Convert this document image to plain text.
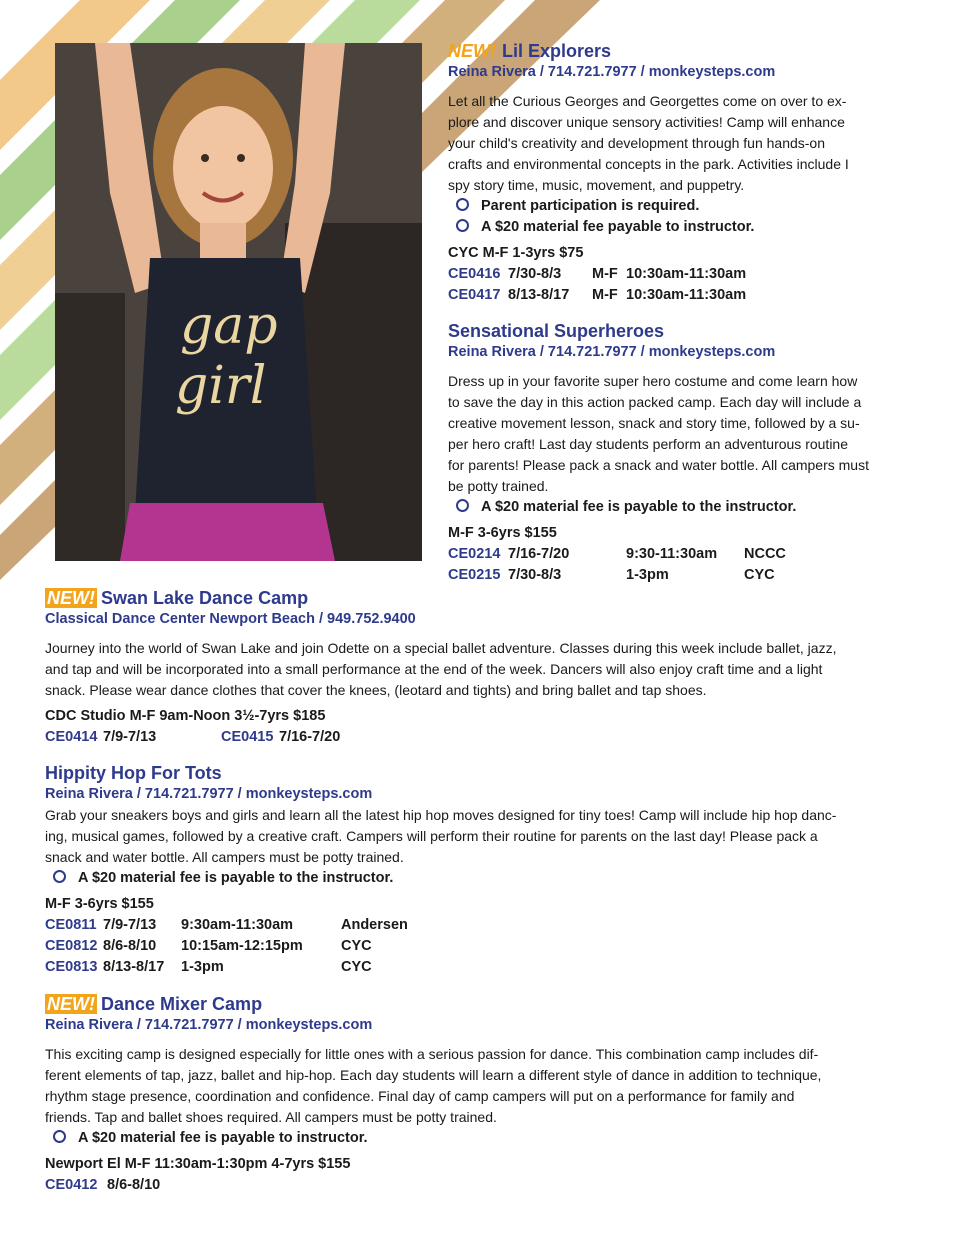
gap
girl
NEW! Lil Explorers
Reina Rivera / 714.721.7977 / monkeysteps.com
Let all the Curious Georges and Georgettes come on over to ex-
plore and discover unique sensory activities! Camp will enhance
your child's creativity and development through fun hands-on
crafts and environmental concepts in the park. Activities include I
spy story time, music, movement, and puppetry.
Parent participation is required.
A $20 material fee payable to instructor.
CYC M-F 1-3yrs $75
CE0416 7/30-8/3 M-F 10:30am-11:30am
CE0417 8/13-8/17 M-F 10:30am-11:30am
Sensational Superheroes
Reina Rivera / 714.721.7977 / monkeysteps.com
Dress up in your favorite super hero costume and come learn how
to save the day in this action packed camp. Each day will include a
creative movement lesson, snack and story time, followed by a su-
per hero craft! Last day students perform an adventurous routine
for parents! Please pack a snack and water bottle. All campers must
be potty trained.
A $20 material fee is payable to the instructor.
M-F 3-6yrs $155
CE0214 7/16-7/20	9:30-11:30am NCCC
CE0215 7/30-8/3	1-3pm	CYC
NEW! Swan Lake Dance Camp
Classical Dance Center Newport Beach / 949.752.9400
Journey into the world of Swan Lake and join Odette on a special ballet adventure. Classes during this week include ballet, jazz,
and tap and will be incorporated into a small performance at the end of the week. Dancers will also enjoy craft time and a light
snack. Please wear dance clothes that cover the knees, (leotard and tights) and bring ballet and tap shoes.
CDC Studio M-F 9am-Noon 3½-7yrs $185
CE0414 7/9-7/13	CE0415 7/16-7/20
Hippity Hop For Tots
Reina Rivera / 714.721.7977 / monkeysteps.com
Grab your sneakers boys and girls and learn all the latest hip hop moves designed for tiny toes! Camp will include hip hop danc-
ing, musical games, followed by a creative craft. Campers will perform their routine for parents on the last day! Please pack a
snack and water bottle. All campers must be potty trained.
A $20 material fee is payable to the instructor.
M-F 3-6yrs $155
CE0811 7/9-7/13 9:30am-11:30am	Andersen
CE0812 8/6-8/10 10:15am-12:15pm	CYC
CE0813 8/13-8/17 1-3pm	CYC
NEW! Dance Mixer Camp
Reina Rivera / 714.721.7977 / monkeysteps.com
This exciting camp is designed especially for little ones with a serious passion for dance. This combination camp includes dif-
ferent elements of tap, jazz, ballet and hip-hop. Each day students will learn a different style of dance in addition to technique,
rhythm stage presence, coordination and confidence. Final day of camp campers will put on a performance for family and
friends. Tap and ballet shoes required. All campers must be potty trained.
A $20 material fee is payable to instructor.
Newport El M-F 11:30am-1:30pm 4-7yrs $155
CE0412 8/6-8/10
